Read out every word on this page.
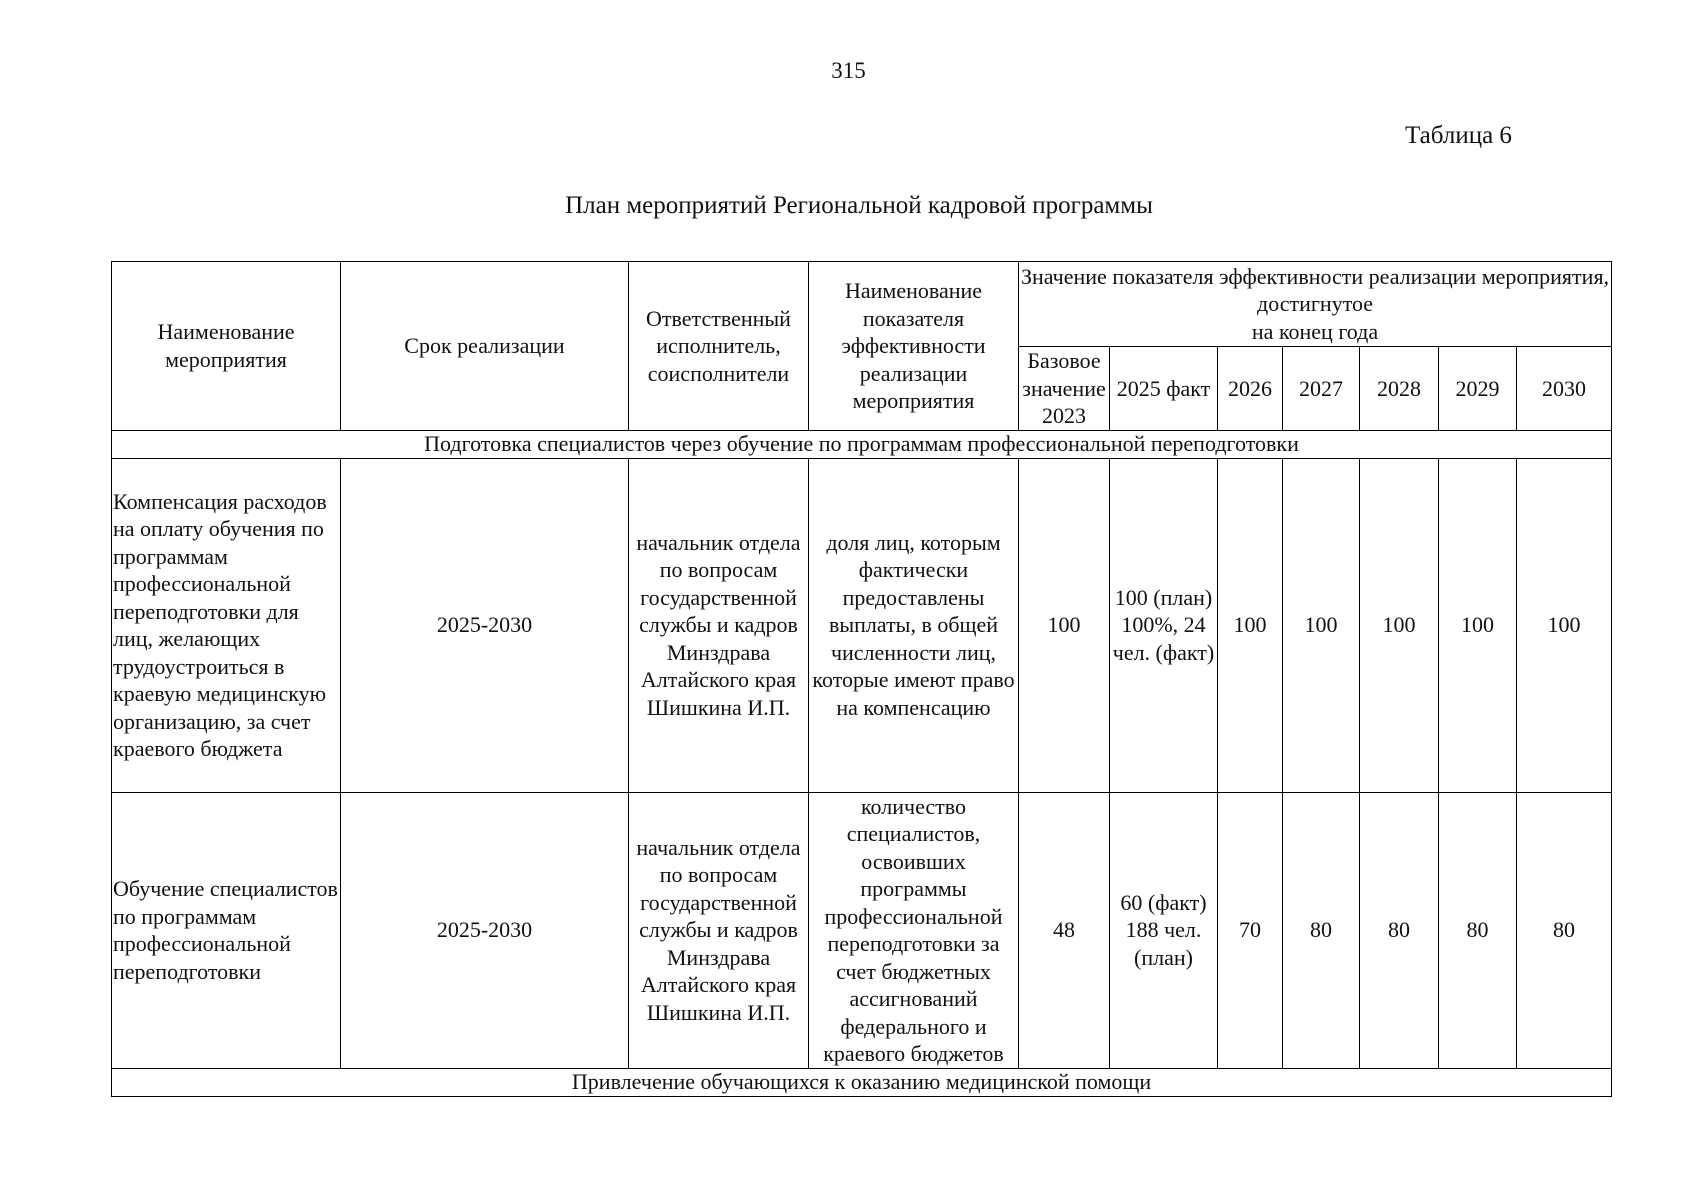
315
Таблица 6
План мероприятий Региональной кадровой программы
Наименование мероприятия	Срок реализации	Ответственный исполнитель, соисполнители	Наименование показателя эффективности реализации мероприятия	Значение показателя эффективности реализации мероприятия, достигнутое
на конец года						
				Базовое значение 2023	2025 факт	2026	2027	2028	2029	2030
Подготовка специалистов через обучение по программам профессиональной переподготовки										
Компенсация расходов на оплату обучения по программам профессиональной переподготовки для лиц, желающих трудоустроиться в краевую медицинскую организацию, за счет краевого бюджета	2025-2030	начальник отдела по вопросам государственной службы и кадров Минздрава Алтайского края Шишкина И.П.	доля лиц, которым фактически предоставлены выплаты, в общей численности лиц, которые имеют право на компенсацию	100	100 (план) 100%, 24 чел. (факт)	100	100	100	100	100
Обучение специалистов по программам профессиональной переподготовки	2025-2030	начальник отдела по вопросам государственной службы и кадров Минздрава Алтайского края Шишкина И.П.	количество специалистов, освоивших программы профессиональной переподготовки за счет бюджетных ассигнований федерального и краевого бюджетов	48	60 (факт) 188 чел. (план)	70	80	80	80	80
Привлечение обучающихся к оказанию медицинской помощи										
